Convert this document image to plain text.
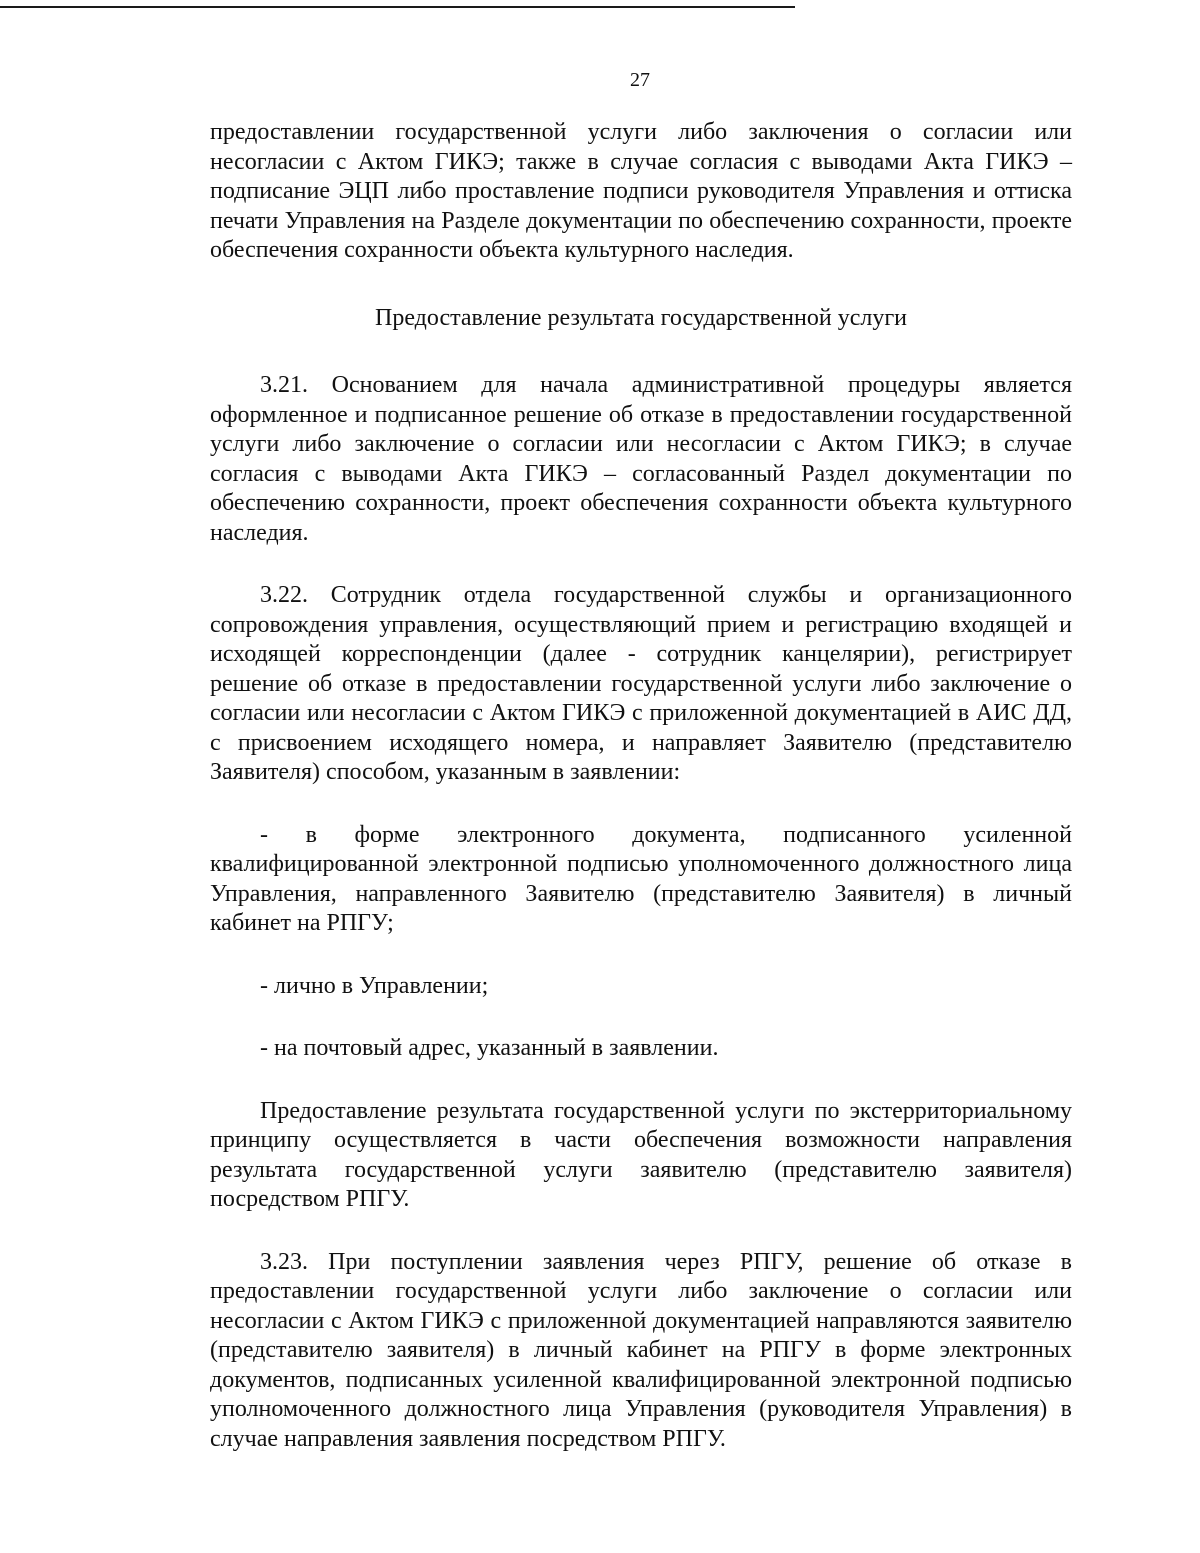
27

предоставлении государственной услуги либо заключения о согласии или несогласии с Актом ГИКЭ; также в случае согласия с выводами Акта ГИКЭ – подписание ЭЦП либо проставление подписи руководителя Управления и оттиска печати Управления на Разделе документации по обеспечению сохранности, проекте обеспечения сохранности объекта культурного наследия.

Предоставление результата государственной услуги

3.21. Основанием для начала административной процедуры является оформленное и подписанное решение об отказе в предоставлении государственной услуги либо заключение о согласии или несогласии с Актом ГИКЭ; в случае согласия с выводами Акта ГИКЭ – согласованный Раздел документации по обеспечению сохранности, проект обеспечения сохранности объекта культурного наследия.

3.22. Сотрудник отдела государственной службы и организационного сопровождения управления, осуществляющий прием и регистрацию входящей и исходящей корреспонденции (далее - сотрудник канцелярии), регистрирует решение об отказе в предоставлении государственной услуги либо заключение о согласии или несогласии с Актом ГИКЭ с приложенной документацией в АИС ДД, с присвоением исходящего номера, и направляет Заявителю (представителю Заявителя) способом, указанным в заявлении:

- в форме электронного документа, подписанного усиленной квалифицированной электронной подписью уполномоченного должностного лица Управления, направленного Заявителю (представителю Заявителя) в личный кабинет на РПГУ;

- лично в Управлении;

- на почтовый адрес, указанный в заявлении.

Предоставление результата государственной услуги по экстерриториальному принципу осуществляется в части обеспечения возможности направления результата государственной услуги заявителю (представителю заявителя) посредством РПГУ.

3.23. При поступлении заявления через РПГУ, решение об отказе в предоставлении государственной услуги либо заключение о согласии или несогласии с Актом ГИКЭ с приложенной документацией направляются заявителю (представителю заявителя) в личный кабинет на РПГУ в форме электронных документов, подписанных усиленной квалифицированной электронной подписью уполномоченного должностного лица Управления (руководителя Управления) в случае направления заявления посредством РПГУ.
